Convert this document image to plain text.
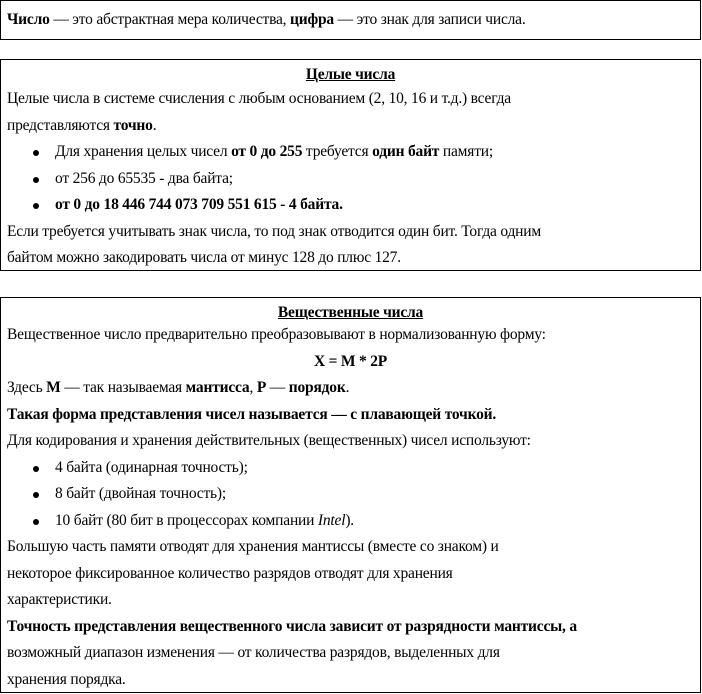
Число — это абстрактная мера количества, цифра — это знак для записи числа.
Целые числа
Целые числа в системе счисления с любым основанием (2, 10, 16 и т.д.) всегда
представляются точно.
Для хранения целых чисел от 0 до 255 требуется один байт памяти;
от 256 до 65535 - два байта;
от 0 до 18 446 744 073 709 551 615 - 4 байта.
Если требуется учитывать знак числа, то под знак отводится один бит. Тогда одним
байтом можно закодировать числа от минус 128 до плюс 127.
Вещественные числа
Вещественное число предварительно преобразовывают в нормализованную форму:
X = M * 2P
Здесь M — так называемая мантисса, P — порядок.
Такая форма представления чисел называется — с плавающей точкой.
Для кодирования и хранения действительных (вещественных) чисел используют:
4 байта (одинарная точность);
8 байт (двойная точность);
10 байт (80 бит в процессорах компании Intel).
Большую часть памяти отводят для хранения мантиссы (вместе со знаком) и
некоторое фиксированное количество разрядов отводят для хранения
характеристики.
Точность представления вещественного числа зависит от разрядности мантиссы, а
возможный диапазон изменения — от количества разрядов, выделенных для
хранения порядка.
